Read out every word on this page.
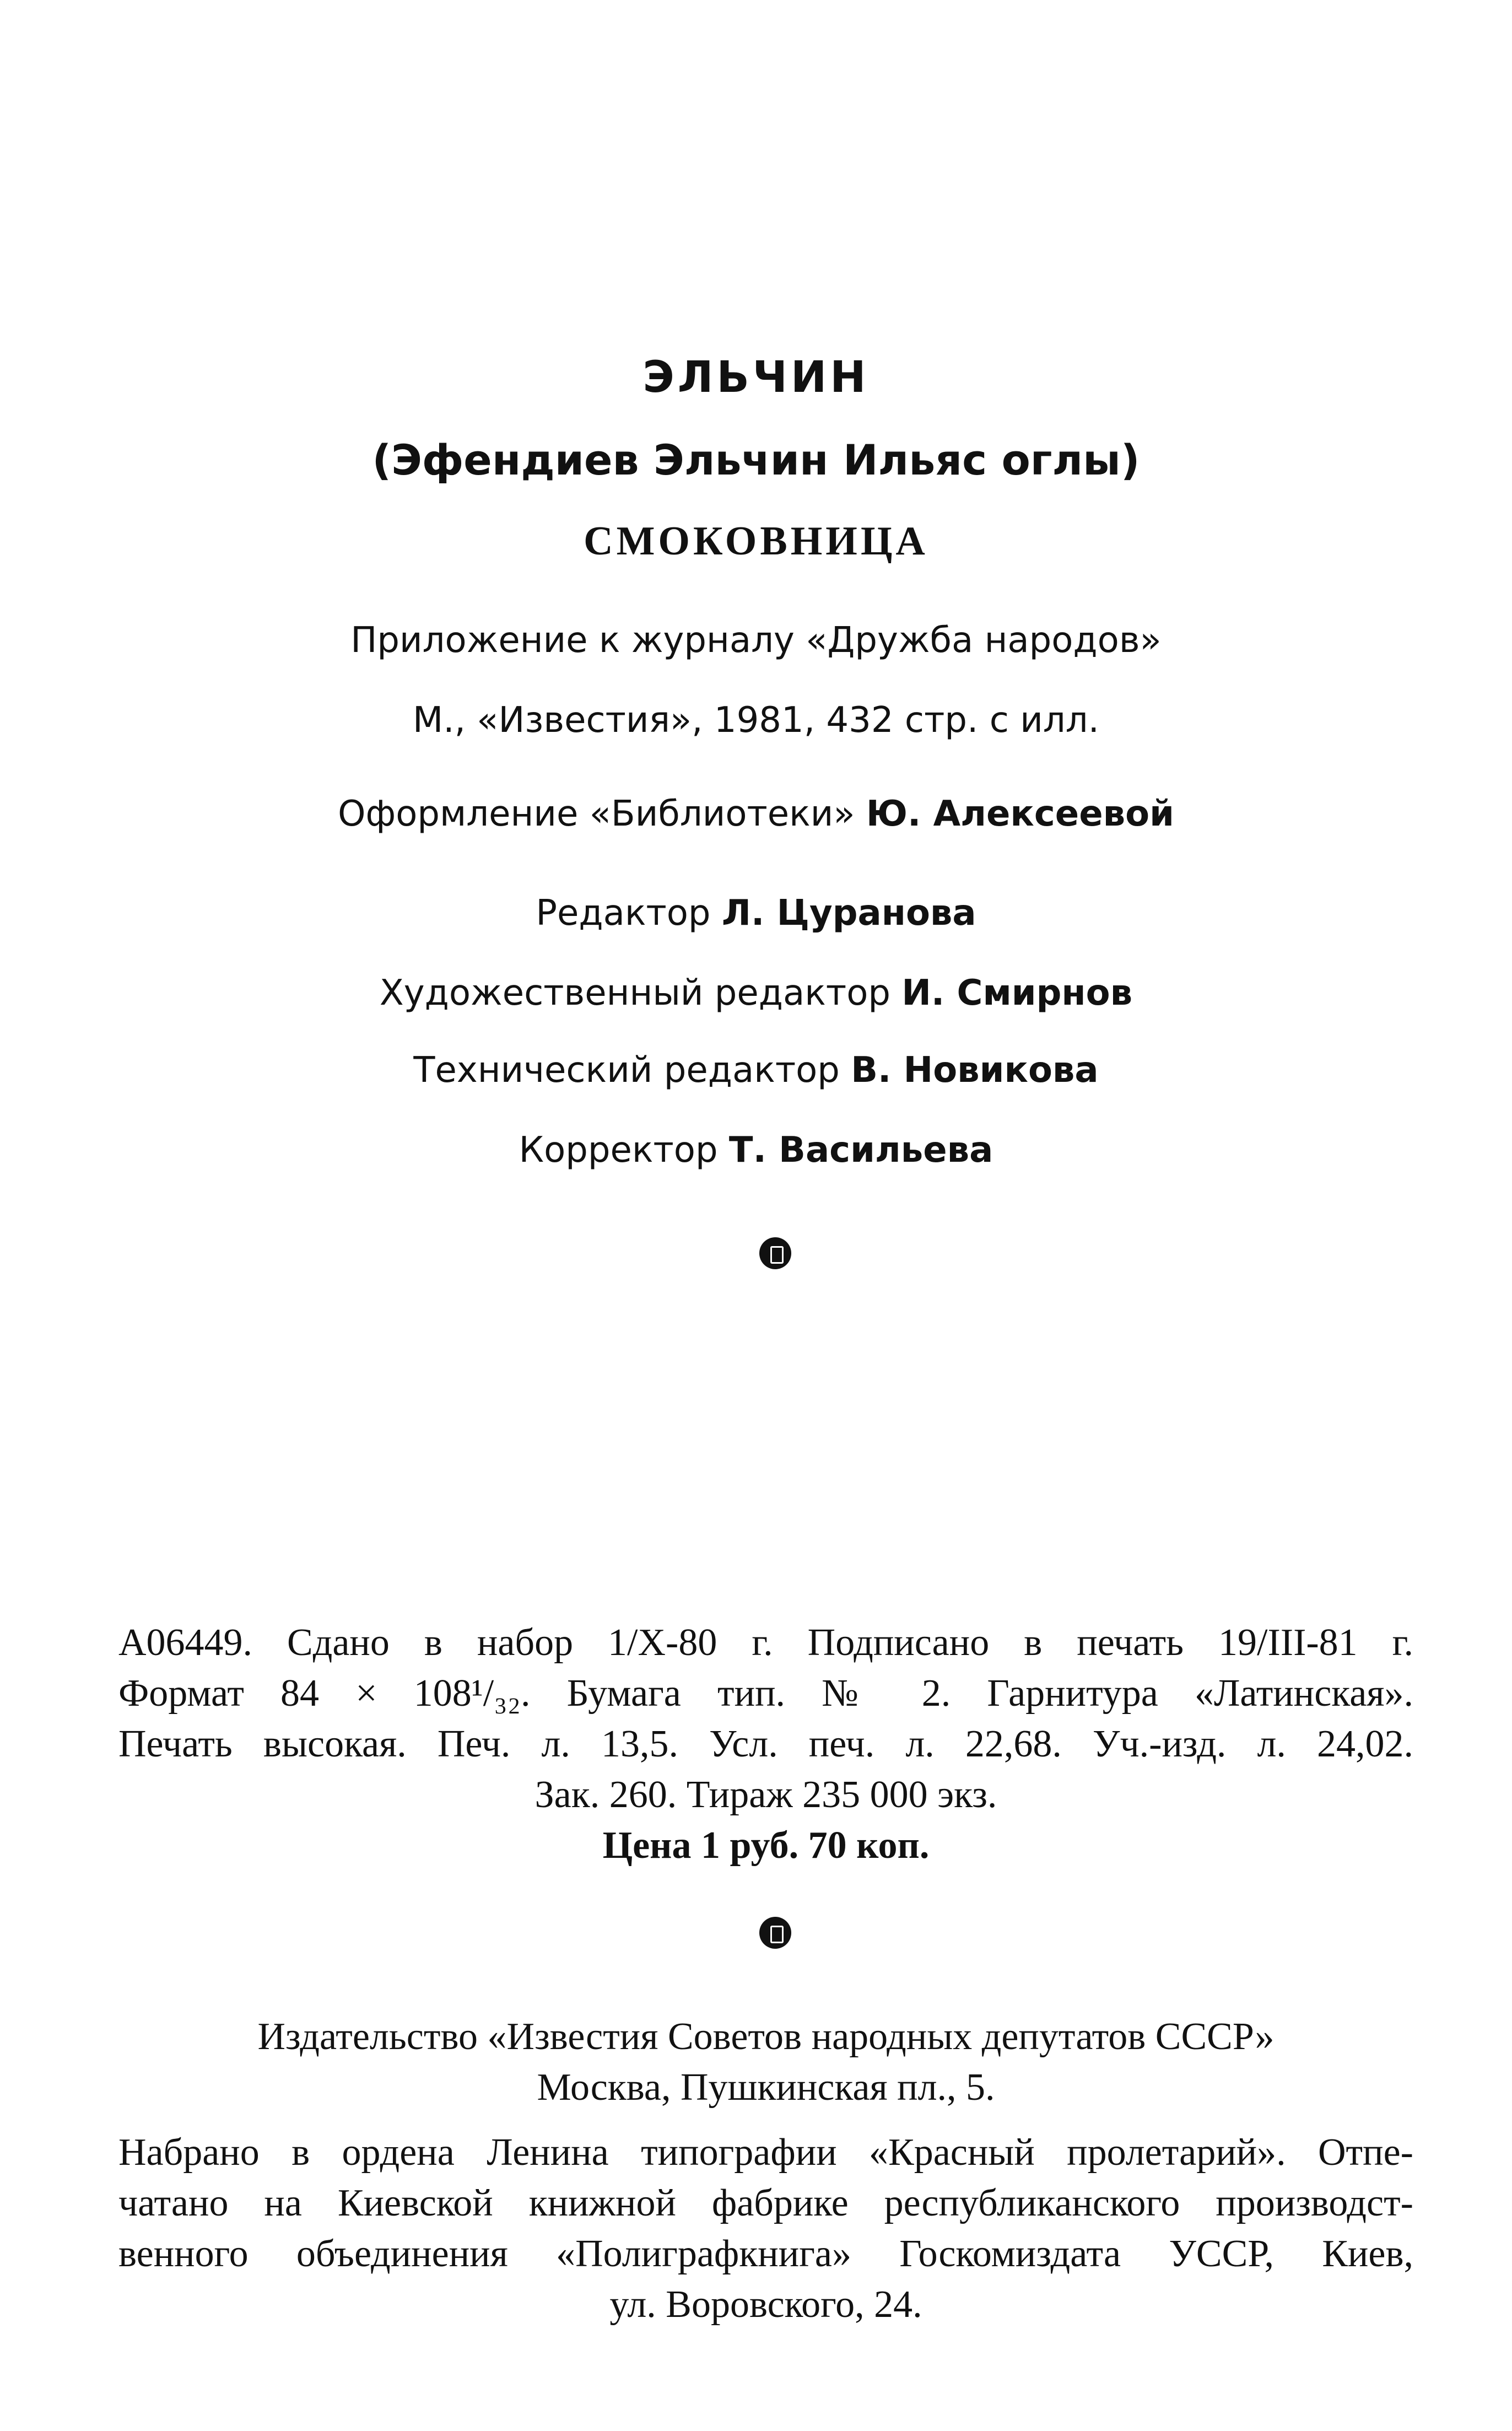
ЭЛЬЧИН
(Эфендиев Эльчин Ильяс оглы)
СМОКОВНИЦА
Приложение к журналу «Дружба народов»
М., «Известия», 1981, 432 стр. с илл.
Оформление «Библиотеки» Ю. Алексеевой
Редактор Л. Цуранова
Художественный редактор И. Смирнов
Технический редактор В. Новикова
Корректор Т. Васильева
А06449. Сдано в набор 1/Х-80 г. Подписано в печать 19/III-81 г.
Формат 84 × 108¹/₃₂. Бумага тип. № 2. Гарнитура «Латинская».
Печать высокая. Печ. л. 13,5. Усл. печ. л. 22,68. Уч.-изд. л. 24,02.
Зак. 260. Тираж 235 000 экз.
Цена 1 руб. 70 коп.
Издательство «Известия Советов народных депутатов СССР»
Москва, Пушкинская пл., 5.
Набрано в ордена Ленина типографии «Красный пролетарий». Отпе-
чатано на Киевской книжной фабрике республиканского производст-
венного объединения «Полиграфкнига» Госкомиздата УССР, Киев,
ул. Воровского, 24.
